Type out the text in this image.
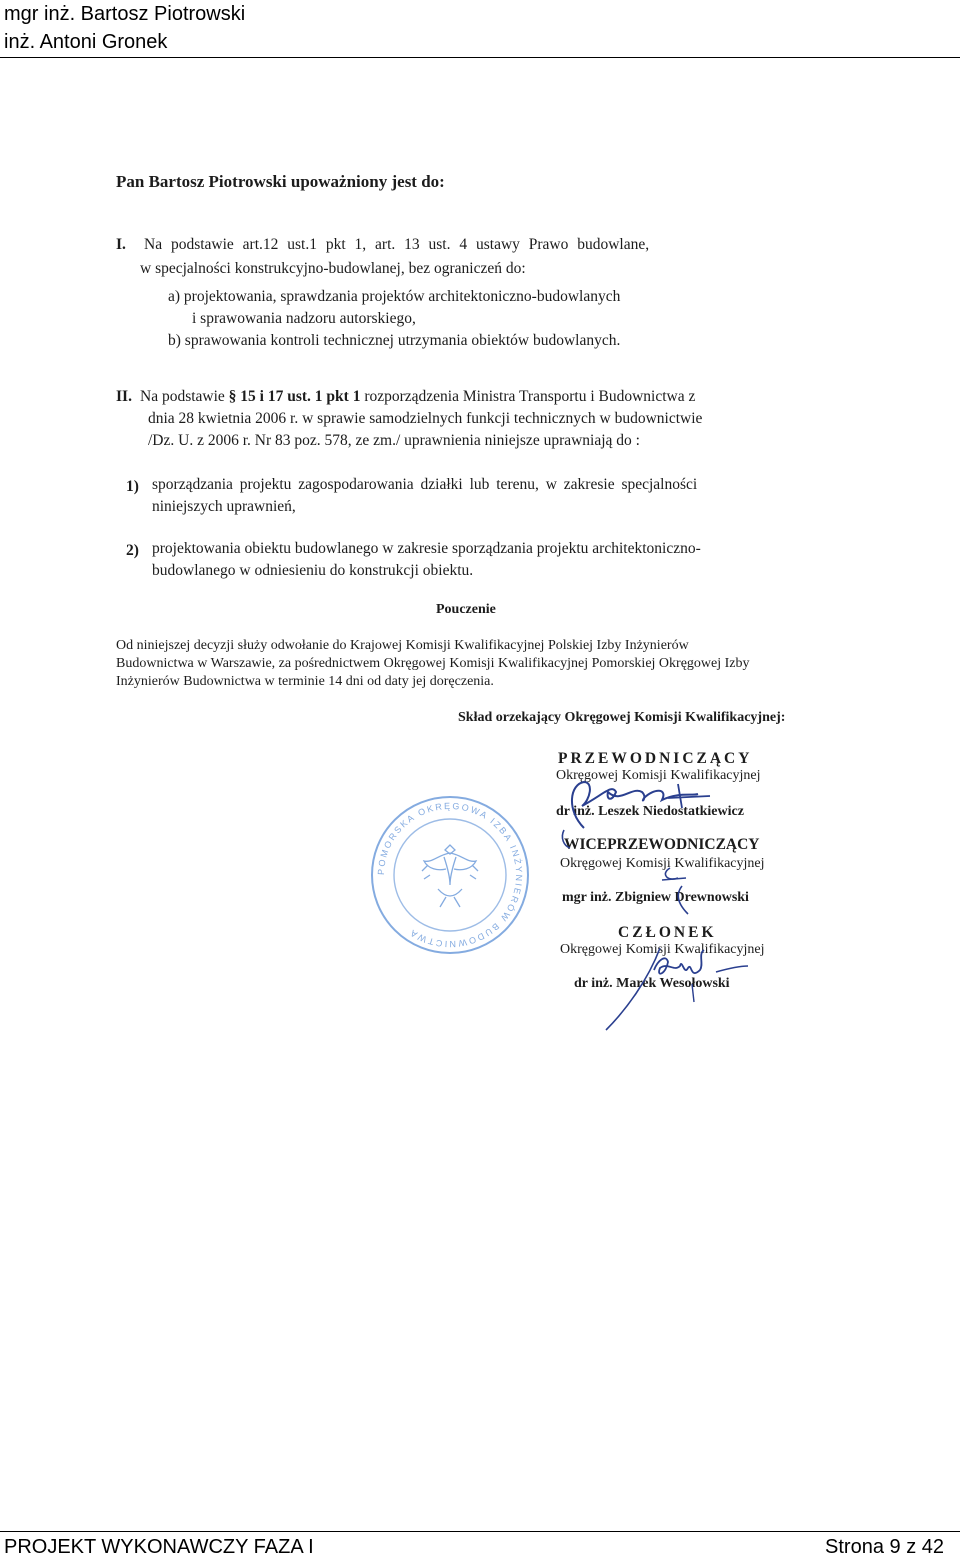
mgr inż. Bartosz Piotrowski
inż. Antoni Gronek
Pan Bartosz Piotrowski upoważniony jest do:
I. Na podstawie art.12 ust.1 pkt 1, art. 13 ust. 4 ustawy Prawo budowlane,
w specjalności konstrukcyjno-budowlanej, bez ograniczeń do:
a) projektowania, sprawdzania projektów architektoniczno-budowlanych
i sprawowania nadzoru autorskiego,
b) sprawowania kontroli technicznej utrzymania obiektów budowlanych.
II. Na podstawie § 15 i 17 ust. 1 pkt 1 rozporządzenia Ministra Transportu i Budownictwa z
dnia 28 kwietnia 2006 r. w sprawie samodzielnych funkcji technicznych w budownictwie
/Dz. U. z 2006 r. Nr 83 poz. 578, ze zm./ uprawnienia niniejsze uprawniają do :
1) sporządzania projektu zagospodarowania działki lub terenu, w zakresie specjalności
niniejszych uprawnień,
2) projektowania obiektu budowlanego w zakresie sporządzania projektu architektoniczno-
budowlanego w odniesieniu do konstrukcji obiektu.
Pouczenie
Od niniejszej decyzji służy odwołanie do Krajowej Komisji Kwalifikacyjnej Polskiej Izby Inżynierów
Budownictwa w Warszawie, za pośrednictwem Okręgowej Komisji Kwalifikacyjnej Pomorskiej Okręgowej Izby
Inżynierów Budownictwa w terminie 14 dni od daty jej doręczenia.
Skład orzekający Okręgowej Komisji Kwalifikacyjnej:
PRZEWODNICZĄCY
Okręgowej Komisji Kwalifikacyjnej
dr inż. Leszek Niedostatkiewicz
WICEPRZEWODNICZĄCY
Okręgowej Komisji Kwalifikacyjnej
mgr inż. Zbigniew Drewnowski
CZŁONEK
Okręgowej Komisji Kwalifikacyjnej
dr inż. Marek Wesołowski
POMORSKA OKRĘGOWA IZBA INŻYNIERÓW BUDOWNICTWA
PROJEKT WYKONAWCZY FAZA I	Strona 9 z 42
